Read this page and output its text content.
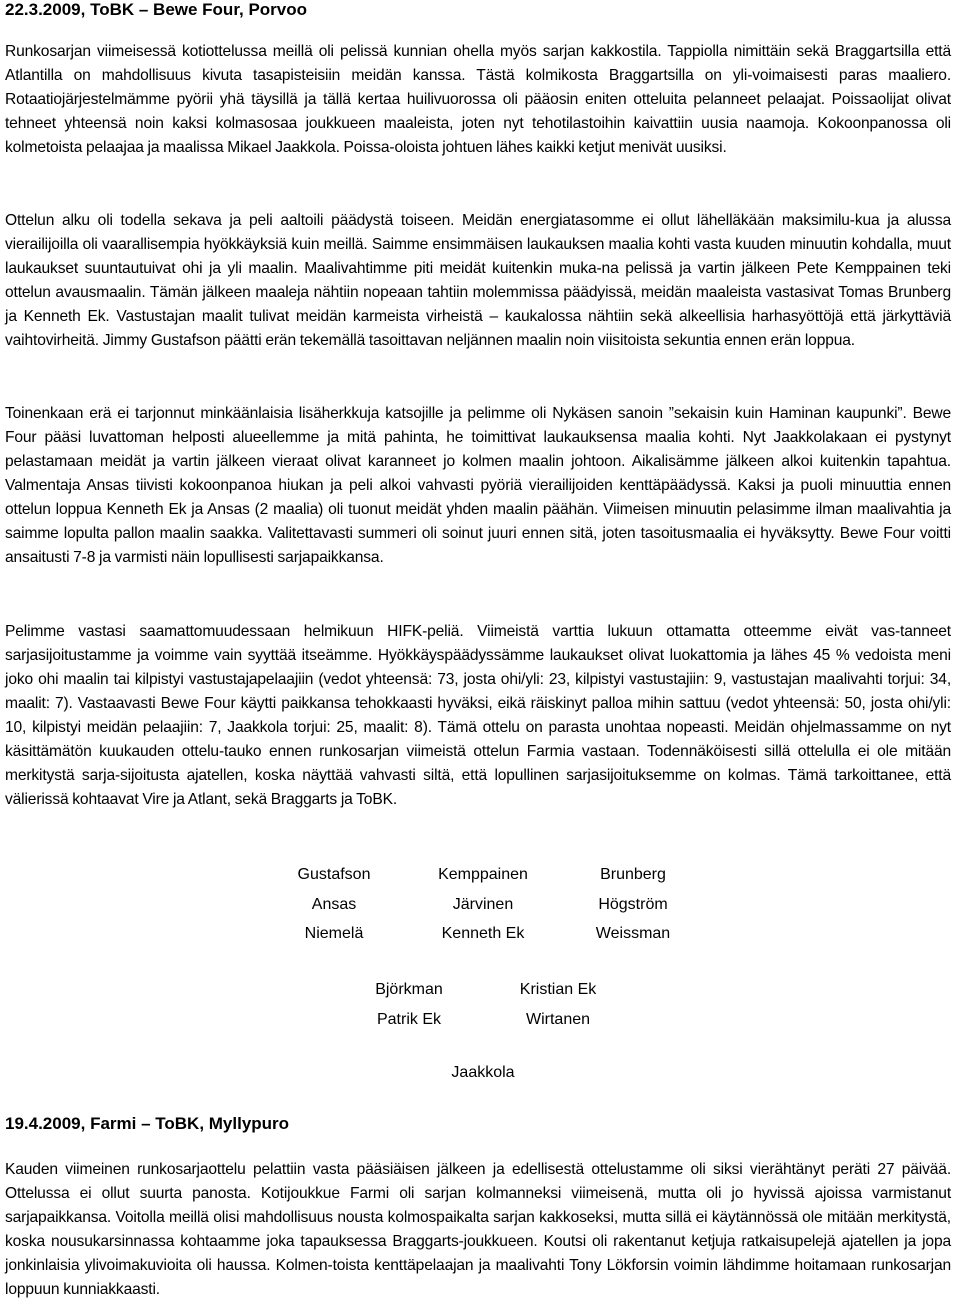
22.3.2009, ToBK – Bewe Four, Porvoo

Runkosarjan viimeisessä kotiottelussa meillä oli pelissä kunnian ohella myös sarjan kakkostila. Tappiolla nimittäin sekä Braggartsilla että Atlantilla on mahdollisuus kivuta tasapisteisiin meidän kanssa. Tästä kolmikosta Braggartsilla on yli-voimaisesti paras maaliero. Rotaatiojärjestelmämme pyörii yhä täysillä ja tällä kertaa huilivuorossa oli pääosin eniten otteluita pelanneet pelaajat. Poissaolijat olivat tehneet yhteensä noin kaksi kolmasosaa joukkueen maaleista, joten nyt tehotilastoihin kaivattiin uusia naamoja. Kokoonpanossa oli kolmetoista pelaajaa ja maalissa Mikael Jaakkola. Poissa-oloista johtuen lähes kaikki ketjut menivät uusiksi.

Ottelun alku oli todella sekava ja peli aaltoili päädystä toiseen. Meidän energiatasomme ei ollut lähelläkään maksimilu-kua ja alussa vierailijoilla oli vaarallisempia hyökkäyksiä kuin meillä. Saimme ensimmäisen laukauksen maalia kohti vasta kuuden minuutin kohdalla, muut laukaukset suuntautuivat ohi ja yli maalin. Maalivahtimme piti meidät kuitenkin muka-na pelissä ja vartin jälkeen Pete Kemppainen teki ottelun avausmaalin. Tämän jälkeen maaleja nähtiin nopeaan tahtiin molemmissa päädyissä, meidän maaleista vastasivat Tomas Brunberg ja Kenneth Ek. Vastustajan maalit tulivat meidän karmeista virheistä – kaukalossa nähtiin sekä alkeellisia harhasyöttöjä että järkyttäviä vaihtovirheitä. Jimmy Gustafson päätti erän tekemällä tasoittavan neljännen maalin noin viisitoista sekuntia ennen erän loppua.

Toinenkaan erä ei tarjonnut minkäänlaisia lisäherkkuja katsojille ja pelimme oli Nykäsen sanoin ”sekaisin kuin Haminan kaupunki”. Bewe Four pääsi luvattoman helposti alueellemme ja mitä pahinta, he toimittivat laukauksensa maalia kohti. Nyt Jaakkolakaan ei pystynyt pelastamaan meidät ja vartin jälkeen vieraat olivat karanneet jo kolmen maalin johtoon. Aikalisämme jälkeen alkoi kuitenkin tapahtua. Valmentaja Ansas tiivisti kokoonpanoa hiukan ja peli alkoi vahvasti pyöriä vierailijoiden kenttäpäädyssä. Kaksi ja puoli minuuttia ennen ottelun loppua Kenneth Ek ja Ansas (2 maalia) oli tuonut meidät yhden maalin päähän. Viimeisen minuutin pelasimme ilman maalivahtia ja saimme lopulta pallon maalin saakka. Valitettavasti summeri oli soinut juuri ennen sitä, joten tasoitusmaalia ei hyväksytty. Bewe Four voitti ansaitusti 7-8 ja varmisti näin lopullisesti sarjapaikkansa.

Pelimme vastasi saamattomuudessaan helmikuun HIFK-peliä. Viimeistä varttia lukuun ottamatta otteemme eivät vas-tanneet sarjasijoitustamme ja voimme vain syyttää itseämme. Hyökkäyspäädyssämme laukaukset olivat luokattomia ja lähes 45 % vedoista meni joko ohi maalin tai kilpistyi vastustajapelaajiin (vedot yhteensä: 73, josta ohi/yli: 23, kilpistyi vastustajiin: 9, vastustajan maalivahti torjui: 34, maalit: 7). Vastaavasti Bewe Four käytti paikkansa tehokkaasti hyväksi, eikä räiskinyt palloa mihin sattuu (vedot yhteensä: 50, josta ohi/yli: 10, kilpistyi meidän pelaajiin: 7, Jaakkola torjui: 25, maalit: 8). Tämä ottelu on parasta unohtaa nopeasti. Meidän ohjelmassamme on nyt käsittämätön kuukauden ottelu-tauko ennen runkosarjan viimeistä ottelun Farmia vastaan. Todennäköisesti sillä ottelulla ei ole mitään merkitystä sarja-sijoitusta ajatellen, koska näyttää vahvasti siltä, että lopullinen sarjasijoituksemme on kolmas. Tämä tarkoittanee, että välierissä kohtaavat Vire ja Atlant, sekä Braggarts ja ToBK.

Gustafson	Kemppainen	Brunberg
Ansas	Järvinen	Högström
Niemelä	Kenneth Ek	Weissman
Björkman	Kristian Ek
Patrik Ek	Wirtanen
Jaakkola
19.4.2009, Farmi – ToBK, Myllypuro

Kauden viimeinen runkosarjaottelu pelattiin vasta pääsiäisen jälkeen ja edellisestä ottelustamme oli siksi vierähtänyt peräti 27 päivää. Ottelussa ei ollut suurta panosta. Kotijoukkue Farmi oli sarjan kolmanneksi viimeisenä, mutta oli jo hyvissä ajoissa varmistanut sarjapaikkansa. Voitolla meillä olisi mahdollisuus nousta kolmospaikalta sarjan kakkoseksi, mutta sillä ei käytännössä ole mitään merkitystä, koska nousukarsinnassa kohtaamme joka tapauksessa Braggarts-joukkueen. Koutsi oli rakentanut ketjuja ratkaisupelejä ajatellen ja jopa jonkinlaisia ylivoimakuvioita oli haussa. Kolmen-toista kenttäpelaajan ja maalivahti Tony Lökforsin voimin lähdimme hoitamaan runkosarjan loppuun kunniakkaasti.
